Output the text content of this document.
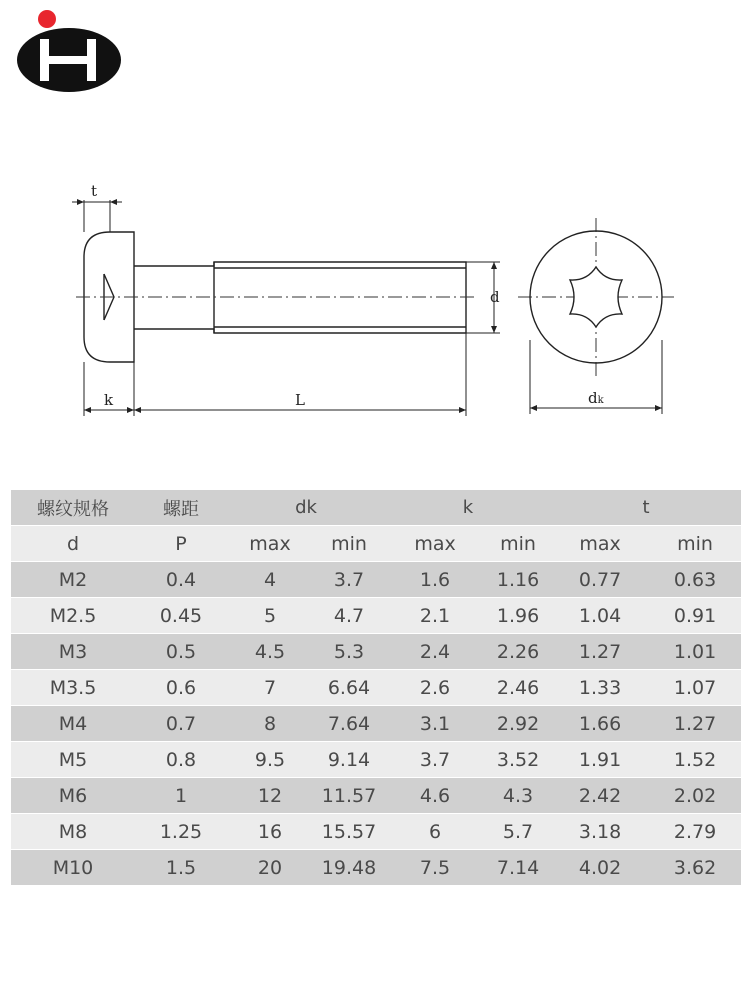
t
k	L
d
dk
螺纹规格	螺距	dk		k		t	
d	P	max	min	max	min	max	min
M2	0.4	4	3.7	1.6	1.16	0.77	0.63
M2.5	0.45	5	4.7	2.1	1.96	1.04	0.91
M3	0.5	4.5	5.3	2.4	2.26	1.27	1.01
M3.5	0.6	7	6.64	2.6	2.46	1.33	1.07
M4	0.7	8	7.64	3.1	2.92	1.66	1.27
M5	0.8	9.5	9.14	3.7	3.52	1.91	1.52
M6	1	12	11.57	4.6	4.3	2.42	2.02
M8	1.25	16	15.57	6	5.7	3.18	2.79
M10	1.5	20	19.48	7.5	7.14	4.02	3.62
